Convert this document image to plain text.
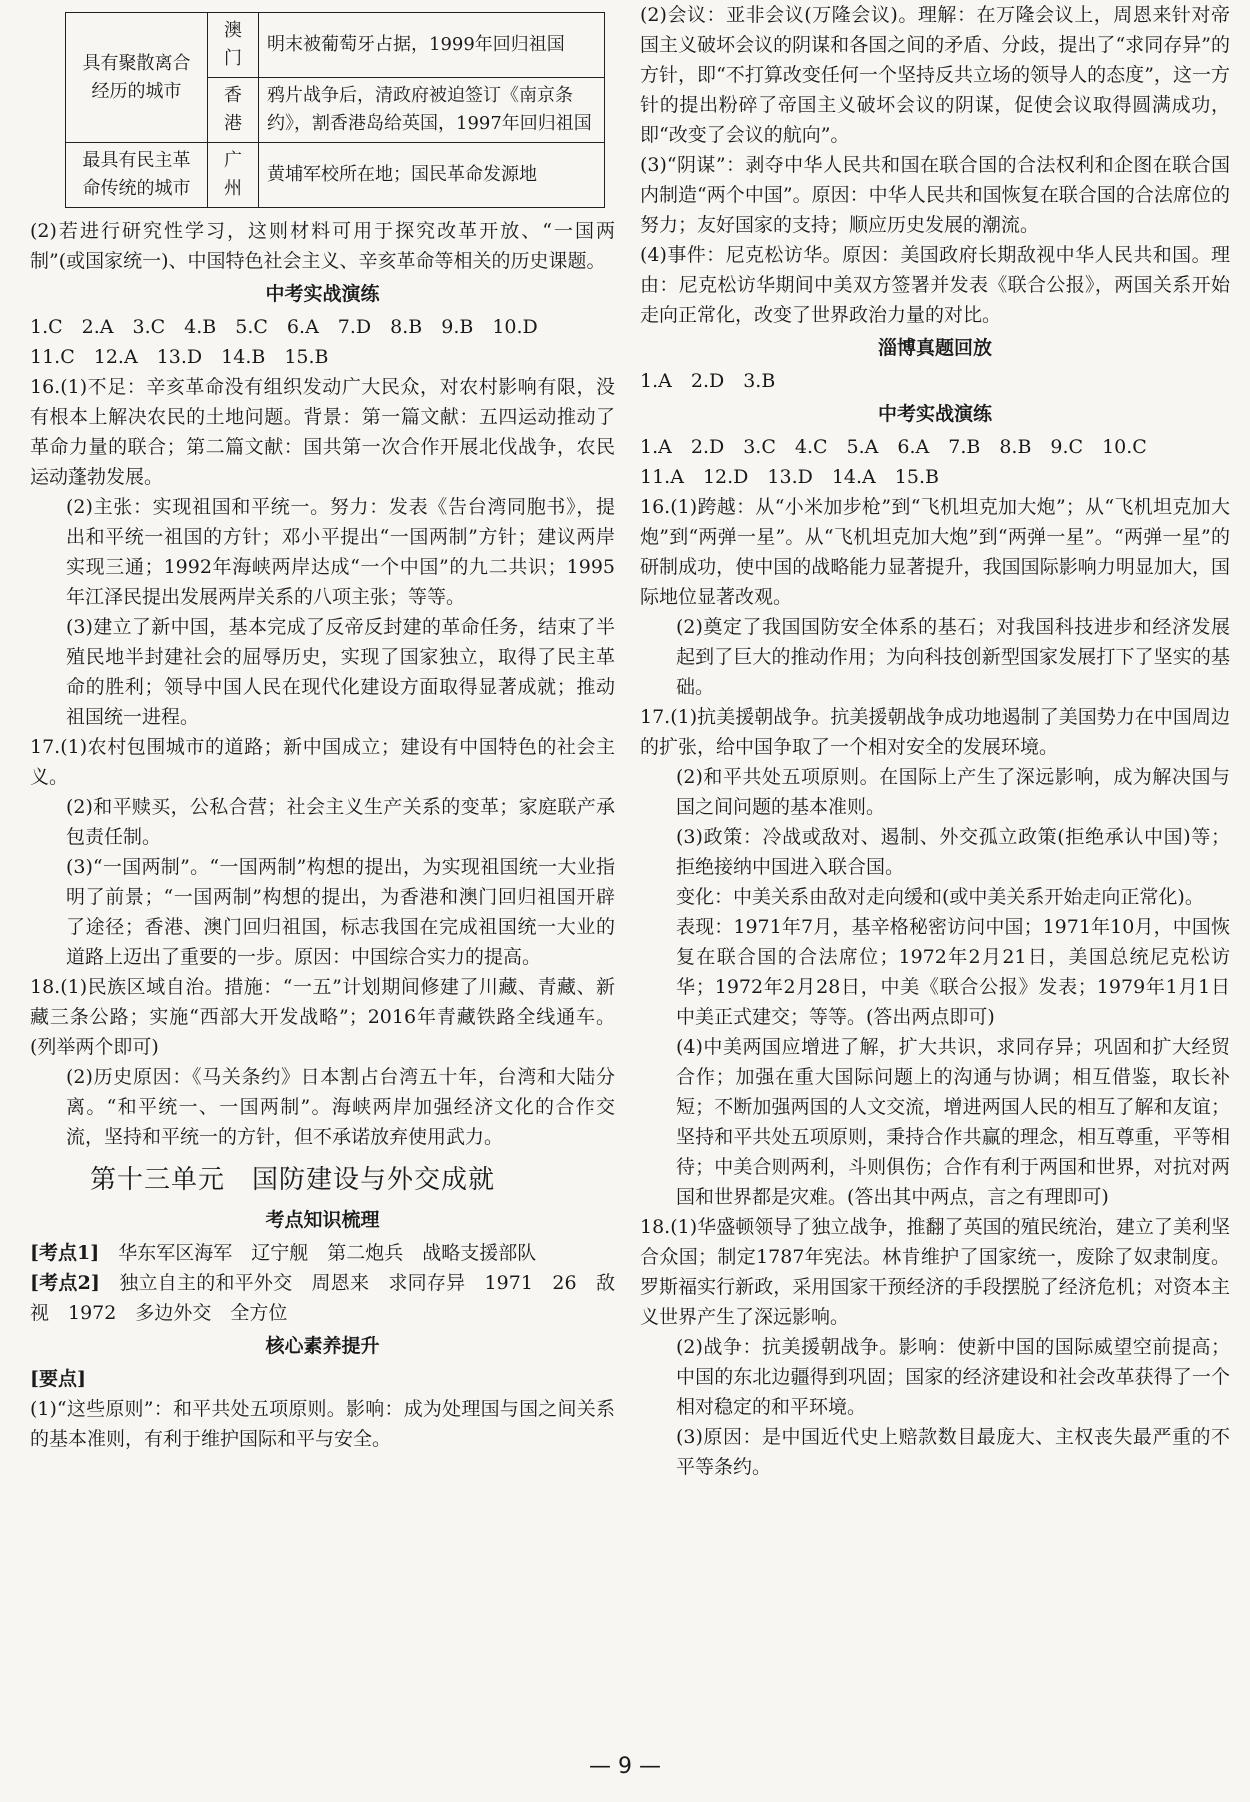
具有聚散离合经历的城市	澳门	明末被葡萄牙占据，1999年回归祖国
	香港	鸦片战争后，清政府被迫签订《南京条约》，割香港岛给英国，1997年回归祖国
最具有民主革命传统的城市	广州	黄埔军校所在地；国民革命发源地

(2)若进行研究性学习，这则材料可用于探究改革开放、“一国两制”(或国家统一)、中国特色社会主义、辛亥革命等相关的历史课题。

中考实战演练

1.C　2.A　3.C　4.B　5.C　6.A　7.D　8.B　9.B　10.D

11.C　12.A　13.D　14.B　15.B

16.(1)不足：辛亥革命没有组织发动广大民众，对农村影响有限，没有根本上解决农民的土地问题。背景：第一篇文献：五四运动推动了革命力量的联合；第二篇文献：国共第一次合作开展北伐战争，农民运动蓬勃发展。

(2)主张：实现祖国和平统一。努力：发表《告台湾同胞书》，提出和平统一祖国的方针；邓小平提出“一国两制”方针；建议两岸实现三通；1992年海峡两岸达成“一个中国”的九二共识；1995年江泽民提出发展两岸关系的八项主张；等等。

(3)建立了新中国，基本完成了反帝反封建的革命任务，结束了半殖民地半封建社会的屈辱历史，实现了国家独立，取得了民主革命的胜利；领导中国人民在现代化建设方面取得显著成就；推动祖国统一进程。

17.(1)农村包围城市的道路；新中国成立；建设有中国特色的社会主义。

(2)和平赎买，公私合营；社会主义生产关系的变革；家庭联产承包责任制。

(3)“一国两制”。“一国两制”构想的提出，为实现祖国统一大业指明了前景；“一国两制”构想的提出，为香港和澳门回归祖国开辟了途径；香港、澳门回归祖国，标志我国在完成祖国统一大业的道路上迈出了重要的一步。原因：中国综合实力的提高。

18.(1)民族区域自治。措施：“一五”计划期间修建了川藏、青藏、新藏三条公路；实施“西部大开发战略”；2016年青藏铁路全线通车。(列举两个即可)

(2)历史原因：《马关条约》日本割占台湾五十年，台湾和大陆分离。“和平统一、一国两制”。海峡两岸加强经济文化的合作交流，坚持和平统一的方针，但不承诺放弃使用武力。

第十三单元　国防建设与外交成就

考点知识梳理

[考点1]　 华东军区海军　辽宁舰　第二炮兵　战略支援部队

[考点2]　 独立自主的和平外交　周恩来　求同存异　1971　26　敌视　1972　多边外交　全方位

核心素养提升

[要点]

(1)“这些原则”：和平共处五项原则。影响：成为处理国与国之间关系的基本准则，有利于维护国际和平与安全。

(2)会议：亚非会议(万隆会议)。理解：在万隆会议上，周恩来针对帝国主义破坏会议的阴谋和各国之间的矛盾、分歧，提出了“求同存异”的方针，即“不打算改变任何一个坚持反共立场的领导人的态度”，这一方针的提出粉碎了帝国主义破坏会议的阴谋，促使会议取得圆满成功，即“改变了会议的航向”。

(3)“阴谋”：剥夺中华人民共和国在联合国的合法权利和企图在联合国内制造“两个中国”。原因：中华人民共和国恢复在联合国的合法席位的努力；友好国家的支持；顺应历史发展的潮流。

(4)事件：尼克松访华。原因：美国政府长期敌视中华人民共和国。理由：尼克松访华期间中美双方签署并发表《联合公报》，两国关系开始走向正常化，改变了世界政治力量的对比。

淄博真题回放

1.A　2.D　3.B

中考实战演练

1.A　2.D　3.C　4.C　5.A　6.A　7.B　8.B　9.C　10.C

11.A　12.D　13.D　14.A　15.B

16.(1)跨越：从“小米加步枪”到“飞机坦克加大炮”；从“飞机坦克加大炮”到“两弹一星”。从“飞机坦克加大炮”到“两弹一星”。“两弹一星”的研制成功，使中国的战略能力显著提升，我国国际影响力明显加大，国际地位显著改观。

(2)奠定了我国国防安全体系的基石；对我国科技进步和经济发展起到了巨大的推动作用；为向科技创新型国家发展打下了坚实的基础。

17.(1)抗美援朝战争。抗美援朝战争成功地遏制了美国势力在中国周边的扩张，给中国争取了一个相对安全的发展环境。

(2)和平共处五项原则。在国际上产生了深远影响，成为解决国与国之间问题的基本准则。

(3)政策：冷战或敌对、遏制、外交孤立政策(拒绝承认中国)等；拒绝接纳中国进入联合国。

变化：中美关系由敌对走向缓和(或中美关系开始走向正常化)。

表现：1971年7月，基辛格秘密访问中国；1971年10月，中国恢复在联合国的合法席位；1972年2月21日，美国总统尼克松访华；1972年2月28日，中美《联合公报》发表；1979年1月1日中美正式建交；等等。(答出两点即可)

(4)中美两国应增进了解，扩大共识，求同存异；巩固和扩大经贸合作；加强在重大国际问题上的沟通与协调；相互借鉴，取长补短；不断加强两国的人文交流，增进两国人民的相互了解和友谊；坚持和平共处五项原则，秉持合作共赢的理念，相互尊重，平等相待；中美合则两利，斗则俱伤；合作有利于两国和世界，对抗对两国和世界都是灾难。(答出其中两点，言之有理即可)

18.(1)华盛顿领导了独立战争，推翻了英国的殖民统治，建立了美利坚合众国；制定1787年宪法。林肯维护了国家统一，废除了奴隶制度。罗斯福实行新政，采用国家干预经济的手段摆脱了经济危机；对资本主义世界产生了深远影响。

(2)战争：抗美援朝战争。影响：使新中国的国际威望空前提高；中国的东北边疆得到巩固；国家的经济建设和社会改革获得了一个相对稳定的和平环境。

(3)原因：是中国近代史上赔款数目最庞大、主权丧失最严重的不平等条约。

— 9 —
